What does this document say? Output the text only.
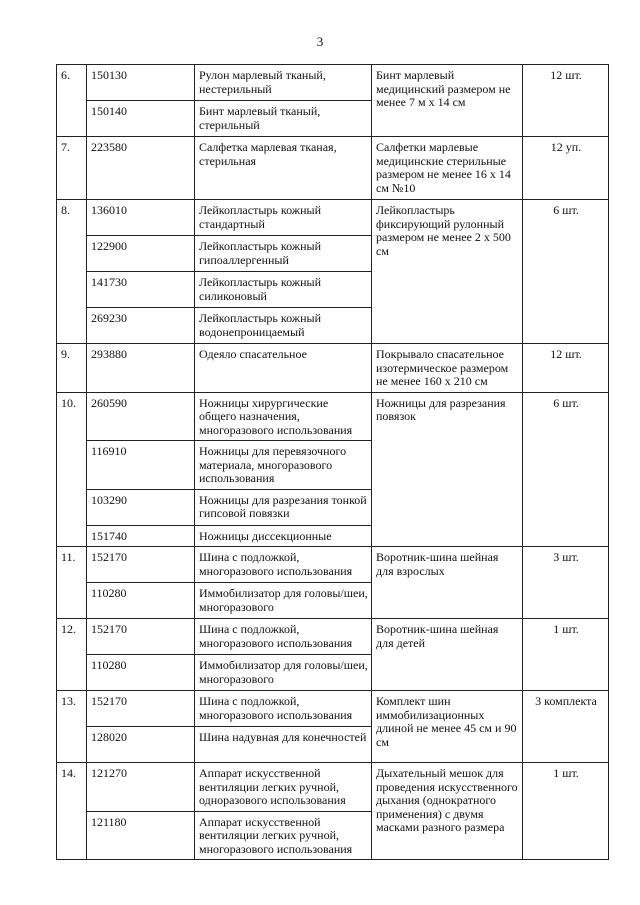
3
6.	150130	Рулон марлевый тканый, нестерильный	Бинт марлевый медицинский размером не менее 7 м х 14 см	12 шт.
	150140	Бинт марлевый тканый, стерильный		
7.	223580	Салфетка марлевая тканая, стерильная	Салфетки марлевые медицинские стерильные размером не менее 16 х 14 см №10	12 уп.
8.	136010	Лейкопластырь кожный стандартный	Лейкопластырь фиксирующий рулонный размером не менее 2 х 500 см	6 шт.
	122900	Лейкопластырь кожный гипоаллергенный		
	141730	Лейкопластырь кожный силиконовый		
	269230	Лейкопластырь кожный водонепроницаемый		
9.	293880	Одеяло спасательное	Покрывало спасательное изотермическое размером не менее 160 х 210 см	12 шт.
10.	260590	Ножницы хирургические общего назначения, многоразового использования	Ножницы для разрезания повязок	6 шт.
	116910	Ножницы для перевязочного материала, многоразового использования		
	103290	Ножницы для разрезания тонкой гипсовой повязки		
	151740	Ножницы диссекционные		
11.	152170	Шина с подложкой, многоразового использования	Воротник-шина шейная для взрослых	3 шт.
	110280	Иммобилизатор для головы/шеи, многоразового		
12.	152170	Шина с подложкой, многоразового использования	Воротник-шина шейная для детей	1 шт.
	110280	Иммобилизатор для головы/шеи, многоразового		
13.	152170	Шина с подложкой, многоразового использования	Комплект шин иммобилизационных длиной не менее 45 см и 90 см	3 комплекта
	128020	Шина надувная для конечностей		
14.	121270	Аппарат искусственной вентиляции легких ручной, одноразового использования	Дыхательный мешок для проведения искусственного дыхания (однократного применения) с двумя масками разного размера	1 шт.
	121180	Аппарат искусственной вентиляции легких ручной, многоразового использования		
